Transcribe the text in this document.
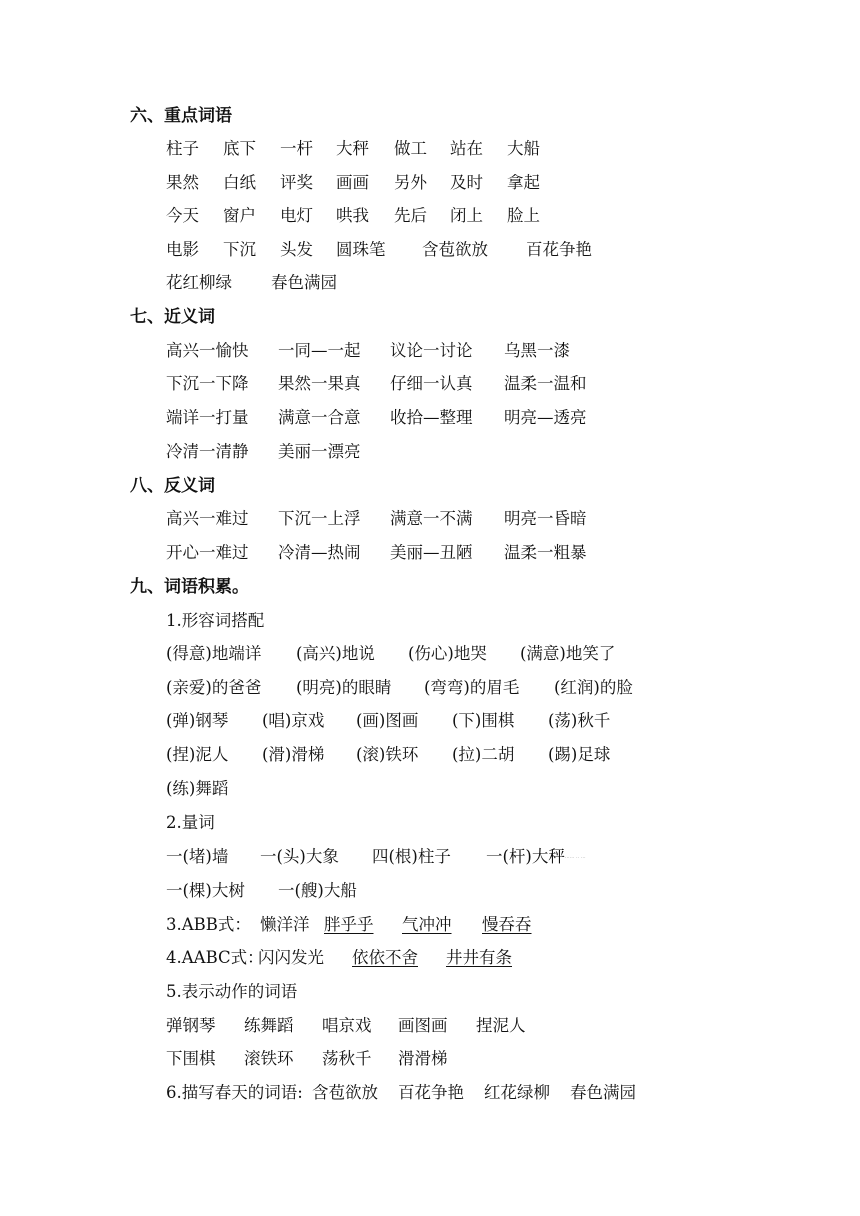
六、重点词语
柱子 底下 一杆 大秤 做工 站在 大船
果然 白纸 评奖 画画 另外 及时 拿起
今天 窗户 电灯 哄我 先后 闭上 脸上
电影 下沉 头发 圆珠笔 含苞欲放 百花争艳
花红柳绿 春色满园
七、近义词
高兴一愉快 一同—一起 议论一讨论 乌黑一漆
下沉一下降 果然一果真 仔细一认真 温柔一温和
端详一打量 满意一合意 收拾—整理 明亮—透亮
冷清一清静 美丽一漂亮
八、反义词
高兴一难过 下沉一上浮 满意一不满 明亮一昏暗
开心一难过 冷清—热闹 美丽—丑陋 温柔一粗暴
九、词语积累。
1.形容词搭配
(得意)地端详 (高兴)地说 (伤心)地哭 (满意)地笑了
(亲爱)的爸爸 (明亮)的眼睛 (弯弯)的眉毛 (红润)的脸
(弹)钢琴 (唱)京戏 (画)图画 (下)围棋 (荡)秋千
(捏)泥人 (滑)滑梯 (滚)铁环 (拉)二胡 (踢)足球
(练)舞蹈
2.量词
一(堵)墙 一(头)大象 四(根)柱子 一(杆)大秤...... .. ...
一(棵)大树 一(艘)大船
3.ABB式： 懒洋洋 胖乎乎 气冲冲 慢吞吞
4.AABC式：
闪闪发光 依依不舍 井井有条
5.表示动作的词语
弹钢琴 练舞蹈 唱京戏 画图画 捏泥人
下围棋 滚铁环 荡秋千 滑滑梯
6.描写春天的词语: 含苞欲放 百花争艳 红花绿柳 春色满园
